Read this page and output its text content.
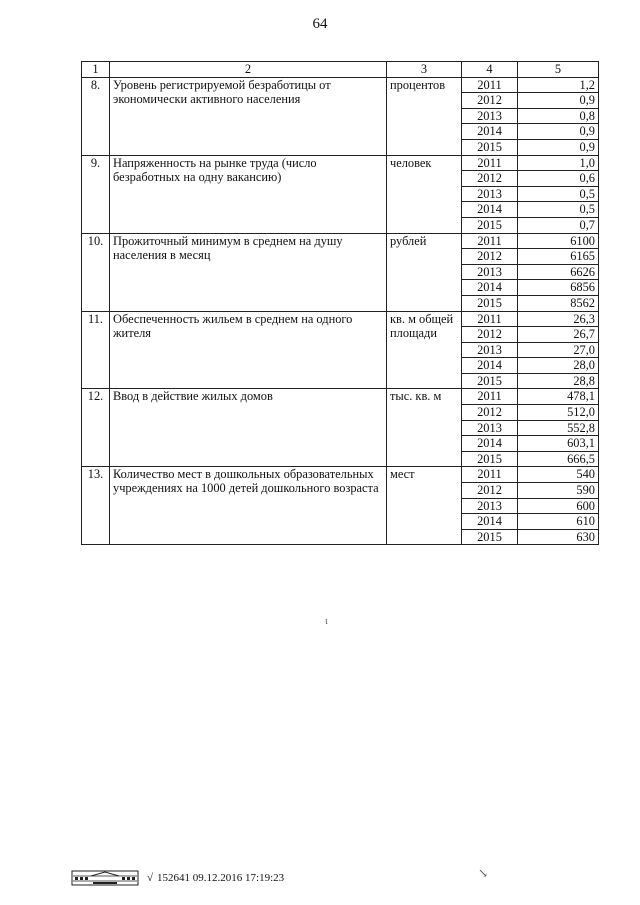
64
1	2	3	4	5
8.	Уровень регистрируемой безработицы от экономически активного населения	процентов	2011	1,2
			2012	0,9
			2013	0,8
			2014	0,9
			2015	0,9
9.	Напряженность на рынке труда (число безработных на одну вакансию)	человек	2011	1,0
			2012	0,6
			2013	0,5
			2014	0,5
			2015	0,7
10.	Прожиточный минимум в среднем на душу населения в месяц	рублей	2011	6100
			2012	6165
			2013	6626
			2014	6856
			2015	8562
11.	Обеспеченность жильем в среднем на одного жителя	кв. м общей площади	2011	26,3
			2012	26,7
			2013	27,0
			2014	28,0
			2015	28,8
12.	Ввод в действие жилых домов	тыс. кв. м	2011	478,1
			2012	512,0
			2013	552,8
			2014	603,1
			2015	666,5
13.	Количество мест в дошкольных образовательных учреждениях на 1000 детей дошкольного возраста	мест	2011	540
			2012	590
			2013	600
			2014	610
			2015	630
ι
↘
√ 152641 09.12.2016 17:19:23
